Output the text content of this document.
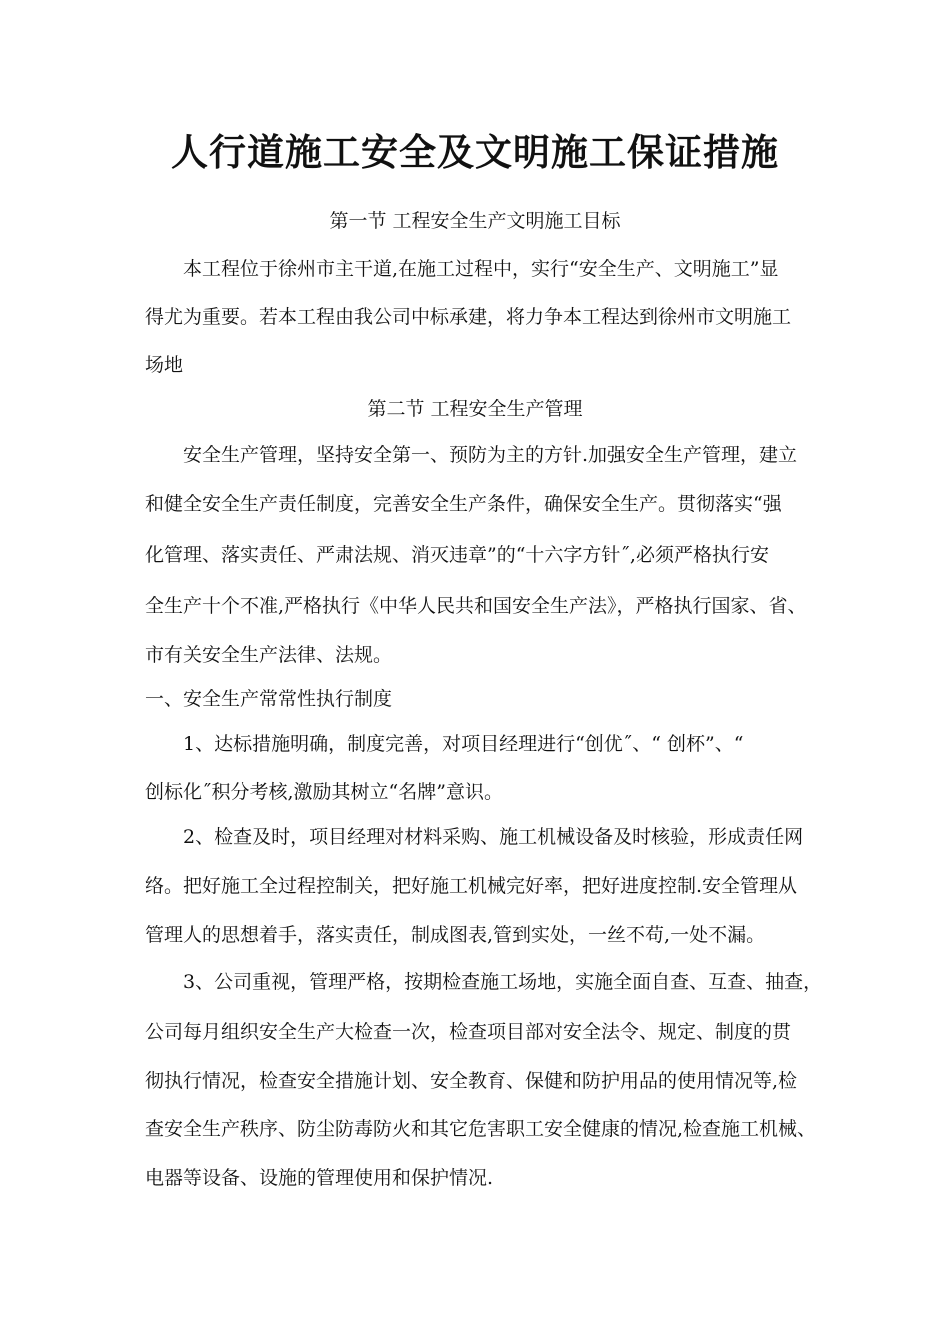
人行道施工安全及文明施工保证措施
第一节 工程安全生产文明施工目标
本工程位于徐州市主干道,在施工过程中，实行“安全生产、文明施工”显
得尤为重要。若本工程由我公司中标承建，将力争本工程达到徐州市文明施工
场地
第二节 工程安全生产管理
安全生产管理，坚持安全第一、预防为主的方针.加强安全生产管理，建立
和健全安全生产责任制度，完善安全生产条件，确保安全生产。贯彻落实“强
化管理、落实责任、严肃法规、消灭违章”的“十六字方针˝,必须严格执行安
全生产十个不准,严格执行《中华人民共和国安全生产法》，严格执行国家、省、
市有关安全生产法律、法规。
一、安全生产常常性执行制度
1、达标措施明确，制度完善，对项目经理进行“创优˝、“ 创杯”、“
创标化˝积分考核,激励其树立“名牌”意识。
2、检查及时，项目经理对材料采购、施工机械设备及时核验，形成责任网
络。把好施工全过程控制关，把好施工机械完好率，把好进度控制.安全管理从
管理人的思想着手，落实责任，制成图表,管到实处，一丝不苟,一处不漏。
3、公司重视，管理严格，按期检查施工场地，实施全面自查、互查、抽查，
公司每月组织安全生产大检查一次，检查项目部对安全法令、规定、制度的贯
彻执行情况，检查安全措施计划、安全教育、保健和防护用品的使用情况等,检
查安全生产秩序、防尘防毒防火和其它危害职工安全健康的情况,检查施工机械、
电器等设备、设施的管理使用和保护情况.
